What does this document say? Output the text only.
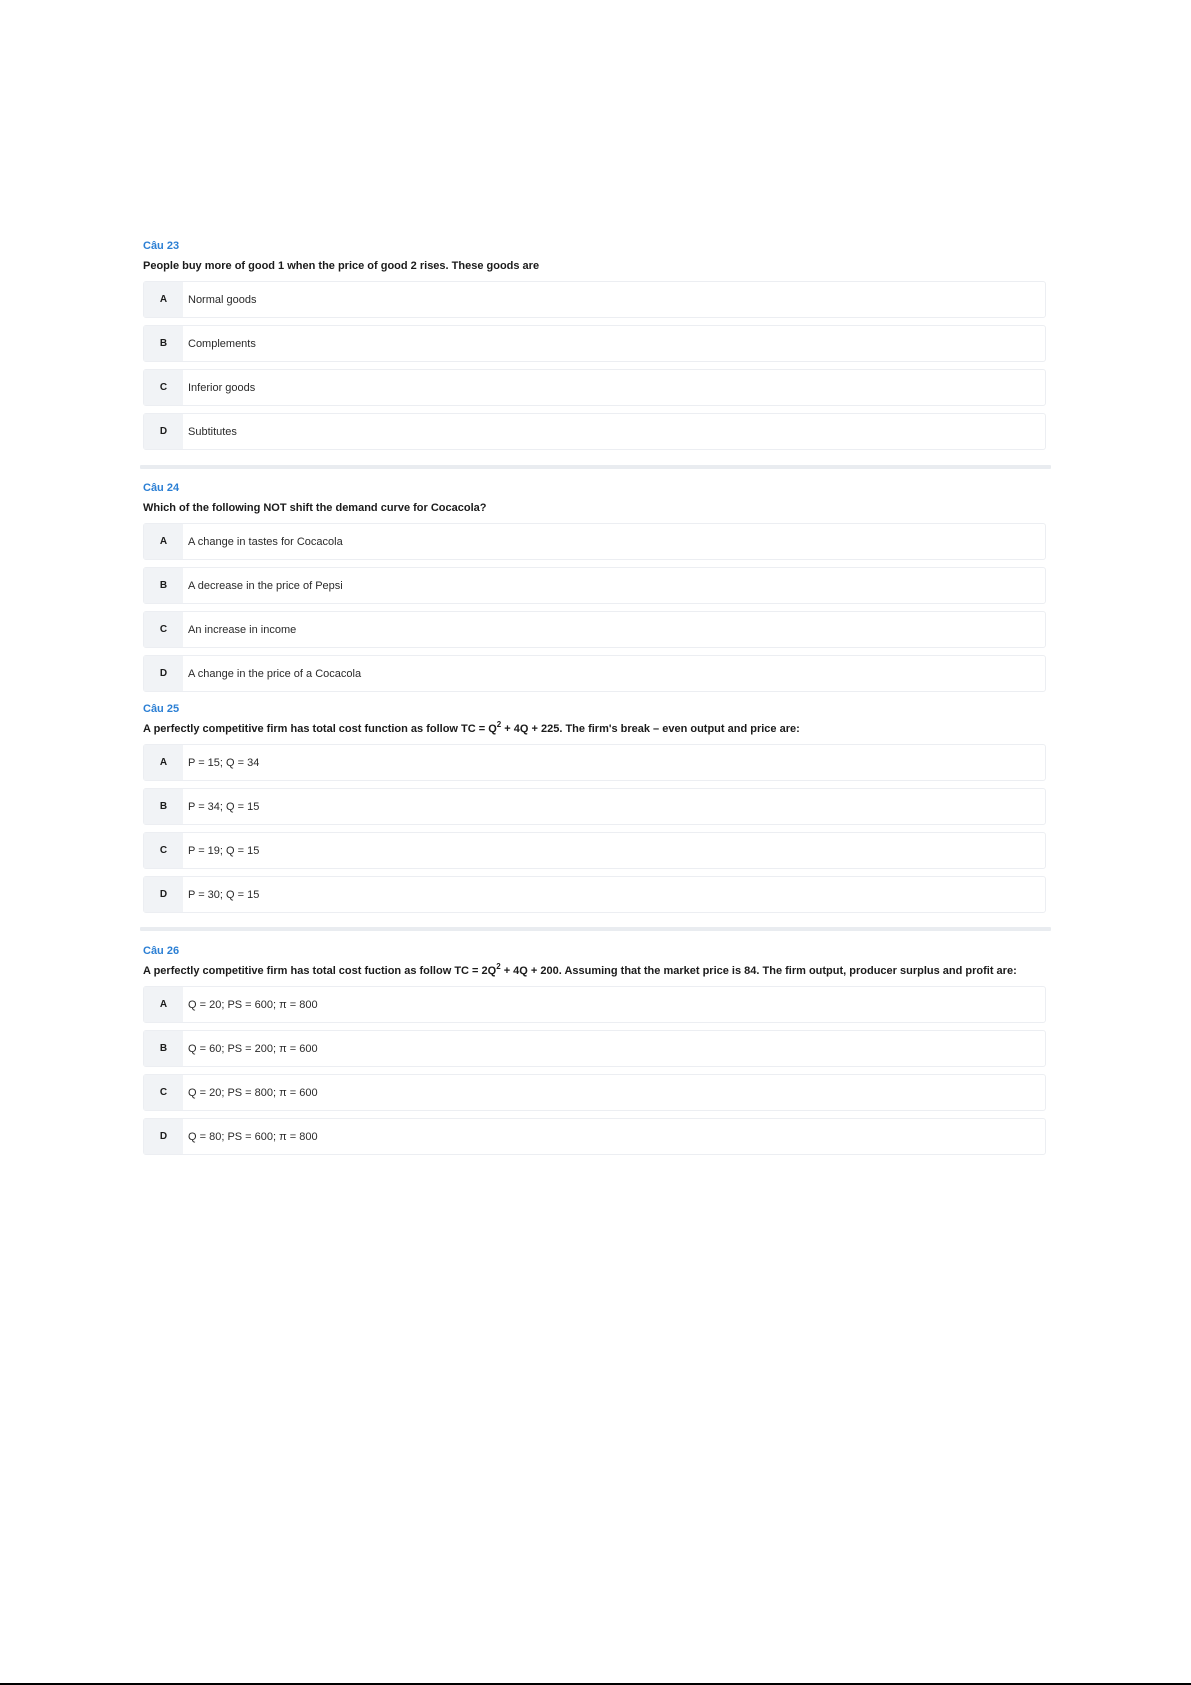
Câu 23
People buy more of good 1 when the price of good 2 rises. These goods are
A	Normal goods
B	Complements
C	Inferior goods
D	Subtitutes
Câu 24
Which of the following NOT shift the demand curve for Cocacola?
A	A change in tastes for Cocacola
B	A decrease in the price of Pepsi
C	An increase in income
D	A change in the price of a Cocacola
Câu 25
A perfectly competitive firm has total cost function as follow TC = $Q^2 + 4Q + 225$. The firm's break – even output and price are:
A	P = 15; Q = 34
B	P = 34; Q = 15
C	P = 19; Q = 15
D	P = 30; Q = 15
Câu 26
A perfectly competitive firm has total cost fuction as follow TC = $2Q^2 + 4Q + 200$. Assuming that the market price is 84. The firm output, producer surplus and profit are:
A	Q = 20; PS = 600; π = 800
B	Q = 60; PS = 200; π = 600
C	Q = 20; PS = 800; π = 600
D	Q = 80; PS = 600; π = 800
